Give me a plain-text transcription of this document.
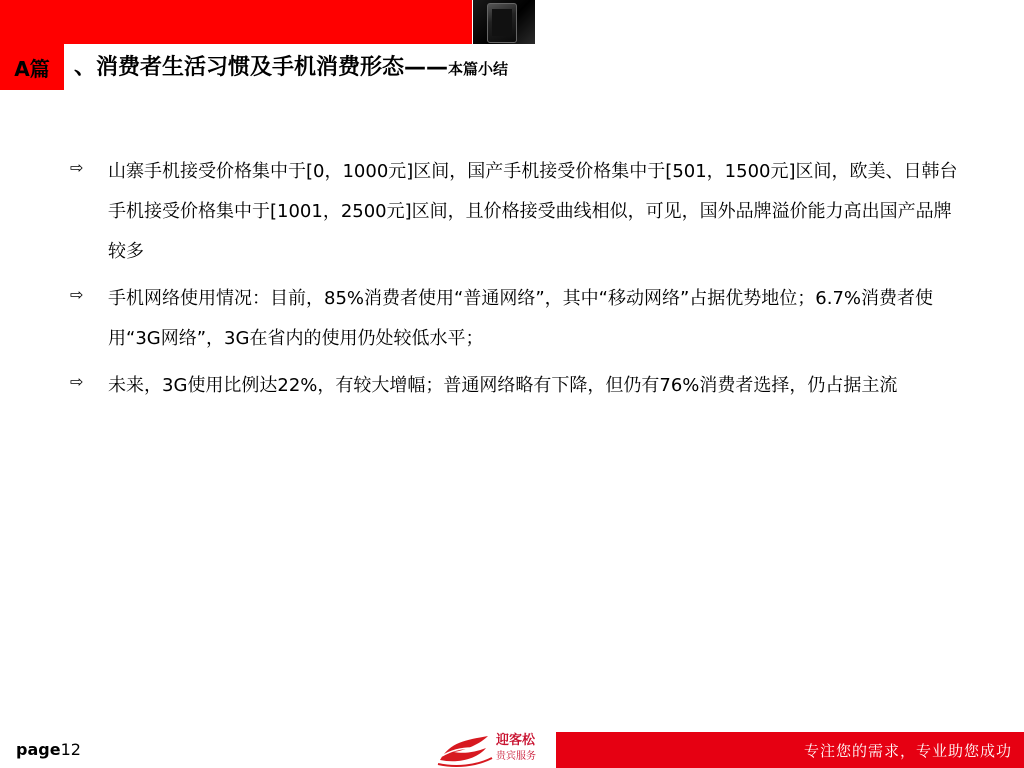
A篇	、消费者生活习惯及手机消费形态——本篇小结
⇨	山寨手机接受价格集中于[0，1000元]区间，国产手机接受价格集中于[501，1500元]区间，欧美、日韩台手机接受价格集中于[1001，2500元]区间，且价格接受曲线相似，可见，国外品牌溢价能力高出国产品牌较多
⇨	手机网络使用情况：目前，85%消费者使用“普通网络”，其中“移动网络”占据优势地位；6.7%消费者使用“3G网络”，3G在省内的使用仍处较低水平；
⇨	未来，3G使用比例达22%，有较大增幅；普通网络略有下降，但仍有76%消费者选择，仍占据主流
page12	迎客松
贵宾服务	专注您的需求，专业助您成功
